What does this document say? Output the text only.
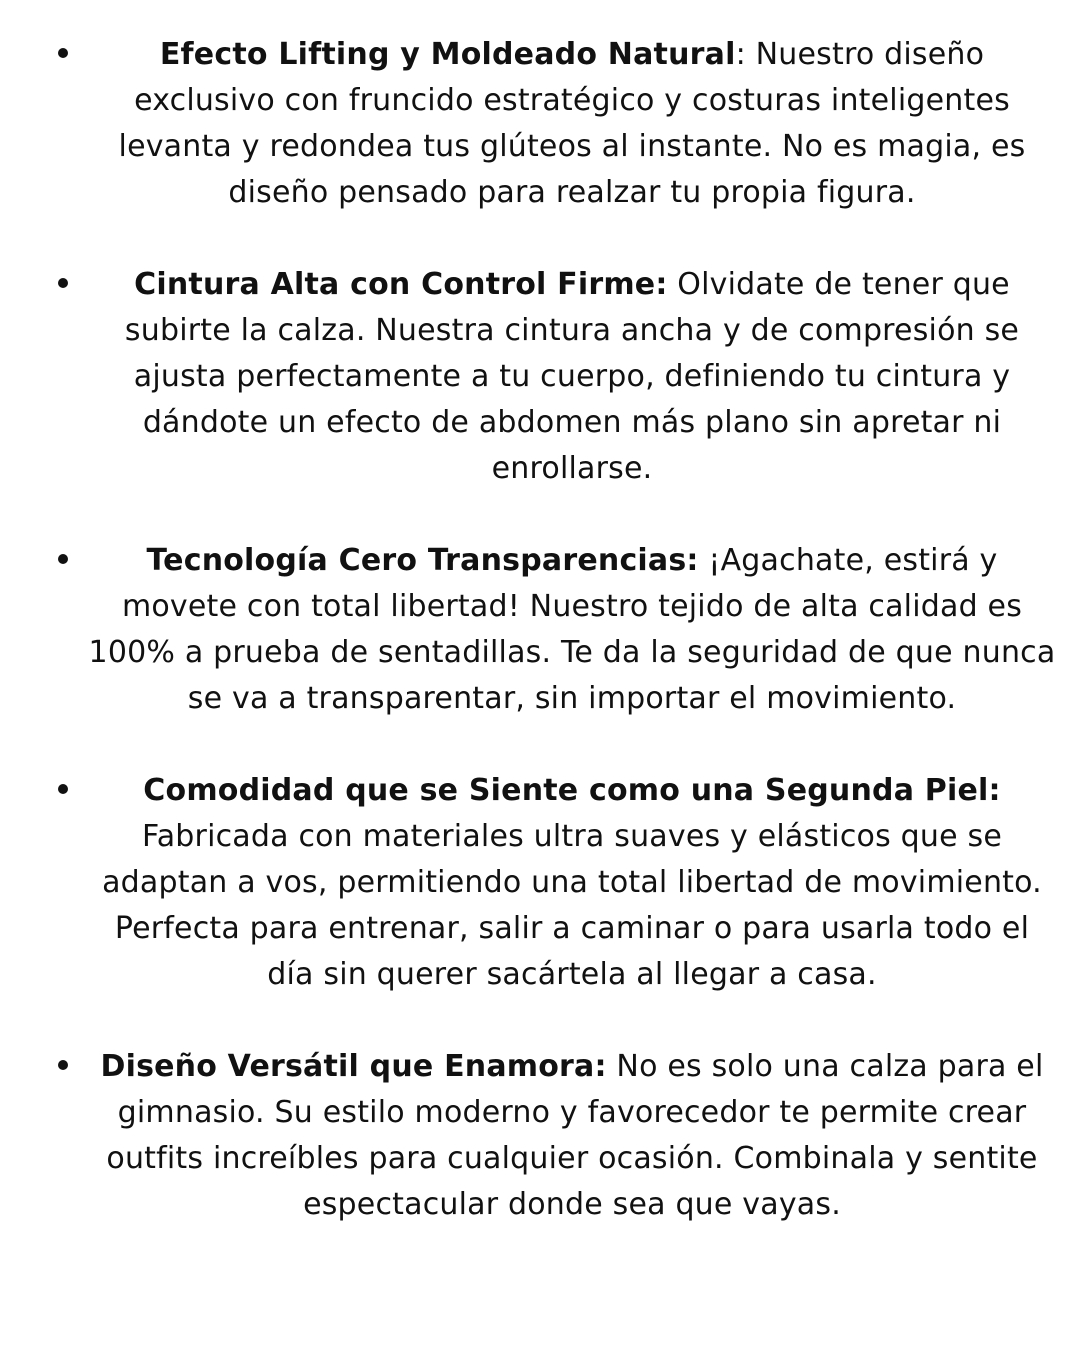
Efecto Lifting y Moldeado Natural: Nuestro diseño exclusivo con fruncido estratégico y costuras inteligentes levanta y redondea tus glúteos al instante. No es magia, es diseño pensado para realzar tu propia figura.
Cintura Alta con Control Firme: Olvidate de tener que subirte la calza. Nuestra cintura ancha y de compresión se ajusta perfectamente a tu cuerpo, definiendo tu cintura y dándote un efecto de abdomen más plano sin apretar ni enrollarse.
Tecnología Cero Transparencias: ¡Agachate, estirá y movete con total libertad! Nuestro tejido de alta calidad es 100% a prueba de sentadillas. Te da la seguridad de que nunca se va a transparentar, sin importar el movimiento.
Comodidad que se Siente como una Segunda Piel: Fabricada con materiales ultra suaves y elásticos que se adaptan a vos, permitiendo una total libertad de movimiento. Perfecta para entrenar, salir a caminar o para usarla todo el día sin querer sacártela al llegar a casa.
Diseño Versátil que Enamora: No es solo una calza para el gimnasio. Su estilo moderno y favorecedor te permite crear outfits increíbles para cualquier ocasión. Combinala y sentite espectacular donde sea que vayas.
